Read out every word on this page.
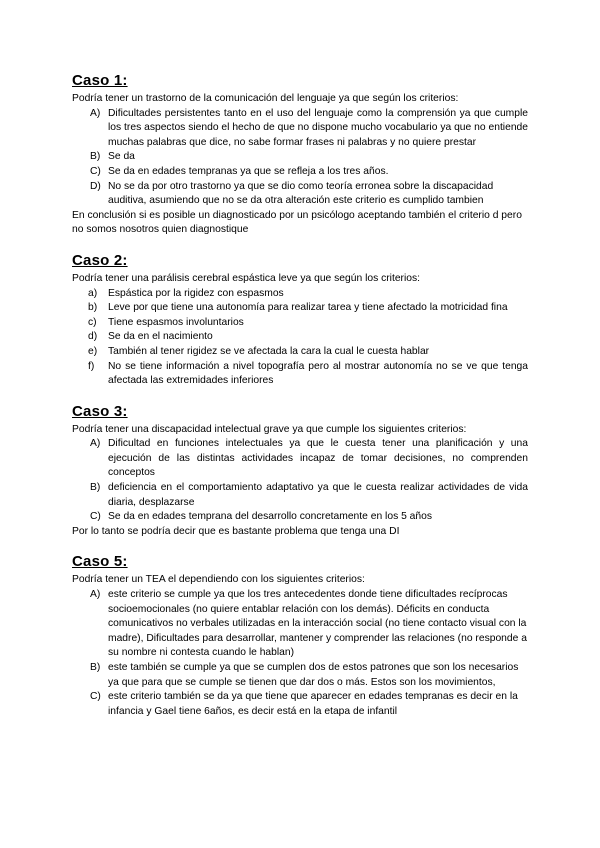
Caso 1:

Podría tener un trastorno de la comunicación del lenguaje ya que según los criterios:

A) Dificultades persistentes tanto en el uso del lenguaje como la comprensión ya que cumple los tres aspectos siendo el hecho de que no dispone mucho vocabulario ya que no entiende muchas palabras que dice, no sabe formar frases ni palabras y no quiere prestar
B) Se da
C) Se da en edades tempranas ya que se refleja a los tres años.
D) No se da por otro trastorno ya que se dio como teoría erronea sobre la discapacidad auditiva, asumiendo que no se da otra alteración este criterio es cumplido tambien

En conclusión si es posible un diagnosticado por un psicólogo aceptando también el criterio d pero no somos nosotros quien diagnostique

Caso 2:

Podría tener una parálisis cerebral espástica leve ya que según los criterios:

a) Espástica por la rigidez con espasmos
b) Leve por que tiene una autonomía para realizar tarea y tiene afectado la motricidad fina
c) Tiene espasmos involuntarios
d) Se da en el nacimiento
e) También al tener rigidez se ve afectada la cara la cual le cuesta hablar
f) No se tiene información a nivel topografía pero al mostrar autonomía no se ve que tenga afectada las extremidades inferiores
Caso 3:

Podría tener una discapacidad intelectual grave ya que cumple los siguientes criterios:

A) Dificultad en funciones intelectuales ya que le cuesta tener una planificación y una ejecución de las distintas actividades incapaz de tomar decisiones, no comprenden conceptos
B) deficiencia en el comportamiento adaptativo ya que le cuesta realizar actividades de vida diaria, desplazarse
C) Se da en edades temprana del desarrollo concretamente en los 5 años

Por lo tanto se podría decir que es bastante problema que tenga una DI

Caso 5:

Podría tener un TEA el dependiendo con los siguientes criterios:

A) este criterio se cumple ya que los tres antecedentes donde tiene dificultades recíprocas socioemocionales (no quiere entablar relación con los demás). Déficits en conducta comunicativos no verbales utilizadas en la interacción social (no tiene contacto visual con la madre), Dificultades para desarrollar, mantener y comprender las relaciones (no responde a su nombre ni contesta cuando le hablan)
B) este también se cumple ya que se cumplen dos de estos patrones que son los necesarios ya que para que se cumple se tienen que dar dos o más. Estos son los movimientos,
C) este criterio también se da ya que tiene que aparecer en edades tempranas es decir en la infancia y Gael tiene 6años, es decir está en la etapa de infantil
